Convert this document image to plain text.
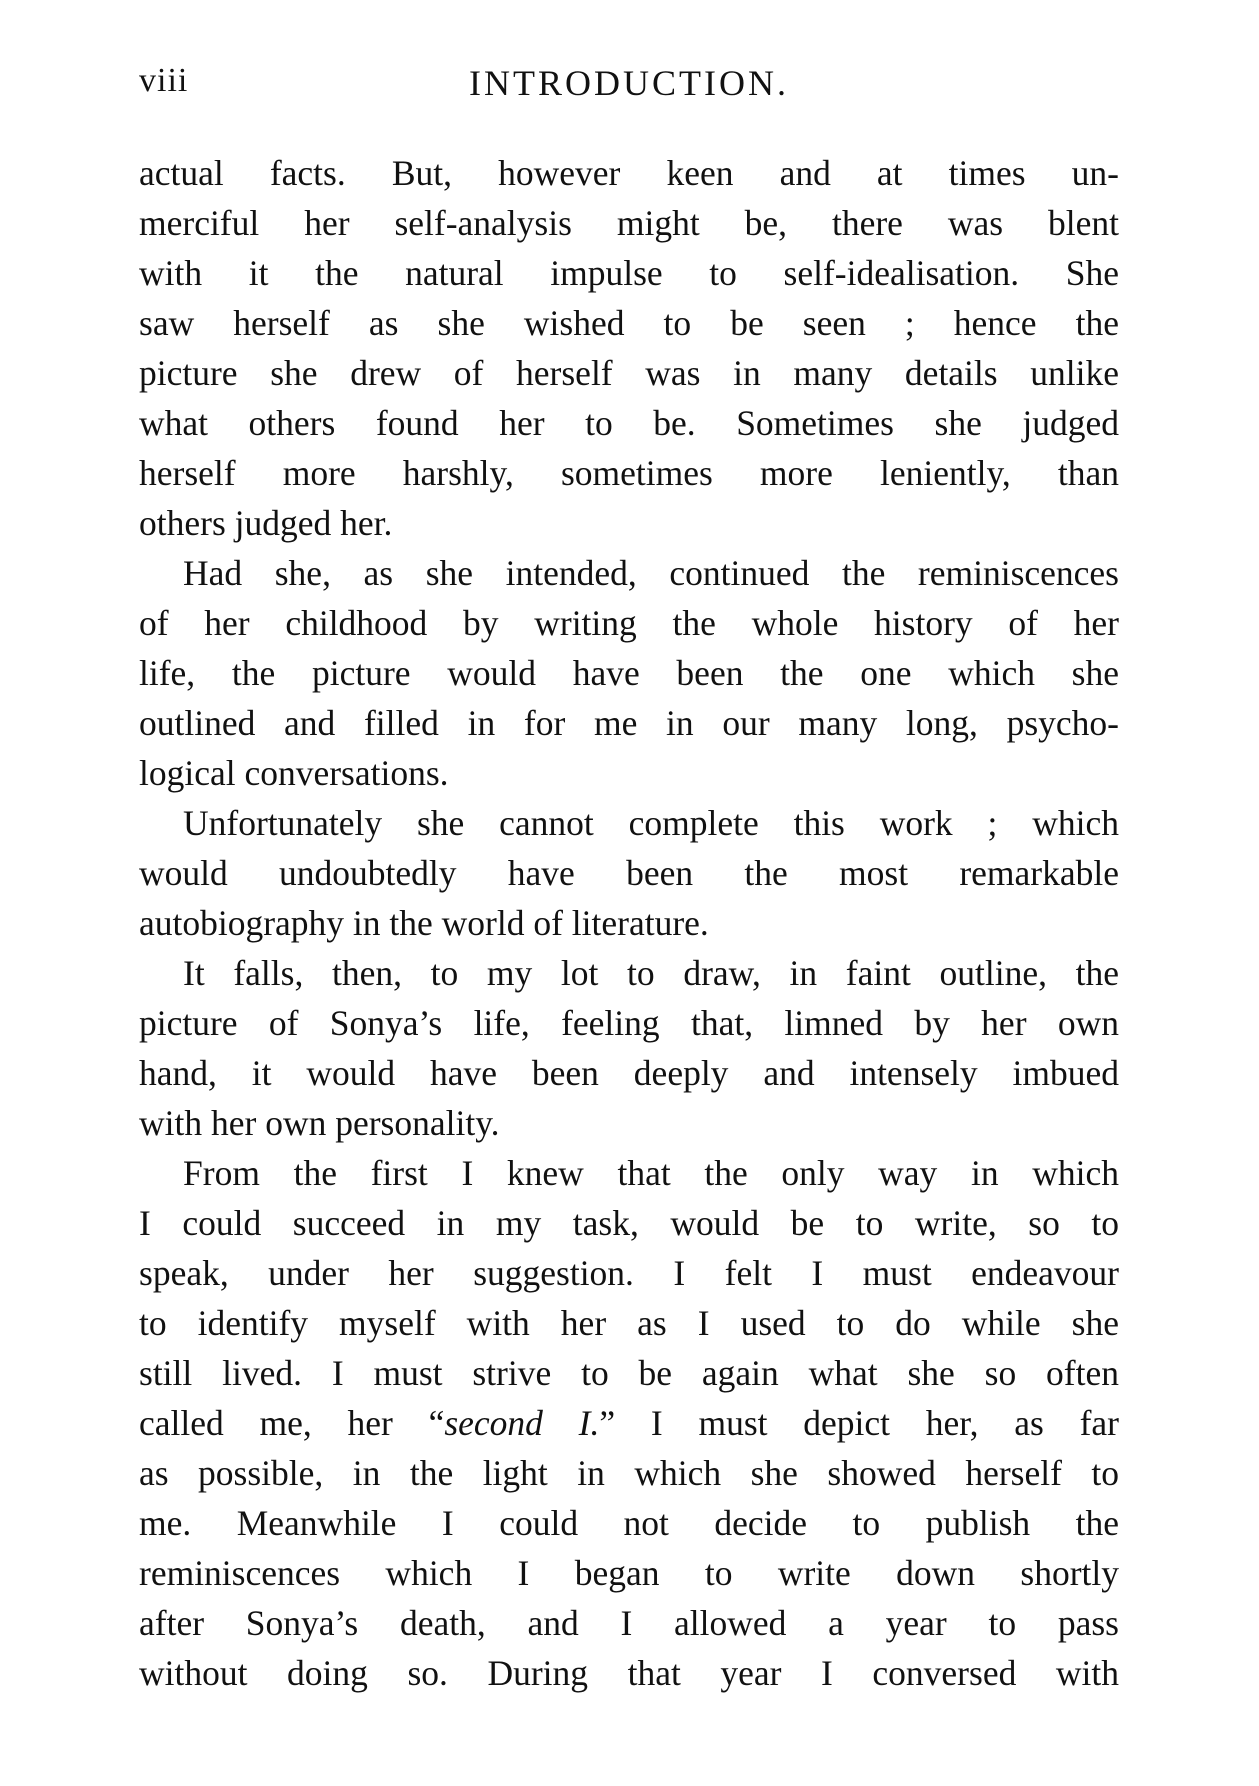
viii	INTRODUCTION.
actual facts. But, however keen and at times un-
merciful her self-analysis might be, there was blent
with it the natural impulse to self-idealisation. She
saw herself as she wished to be seen ; hence the
picture she drew of herself was in many details unlike
what others found her to be. Sometimes she judged
herself more harshly, sometimes more leniently, than
others judged her.
Had she, as she intended, continued the reminiscences
of her childhood by writing the whole history of her
life, the picture would have been the one which she
outlined and filled in for me in our many long, psycho-
logical conversations.
Unfortunately she cannot complete this work ; which
would undoubtedly have been the most remarkable
autobiography in the world of literature.
It falls, then, to my lot to draw, in faint outline, the
picture of Sonya’s life, feeling that, limned by her own
hand, it would have been deeply and intensely imbued
with her own personality.
From the first I knew that the only way in which
I could succeed in my task, would be to write, so to
speak, under her suggestion. I felt I must endeavour
to identify myself with her as I used to do while she
still lived. I must strive to be again what she so often
called me, her “second I.” I must depict her, as far
as possible, in the light in which she showed herself to
me. Meanwhile I could not decide to publish the
reminiscences which I began to write down shortly
after Sonya’s death, and I allowed a year to pass
without doing so. During that year I conversed with
